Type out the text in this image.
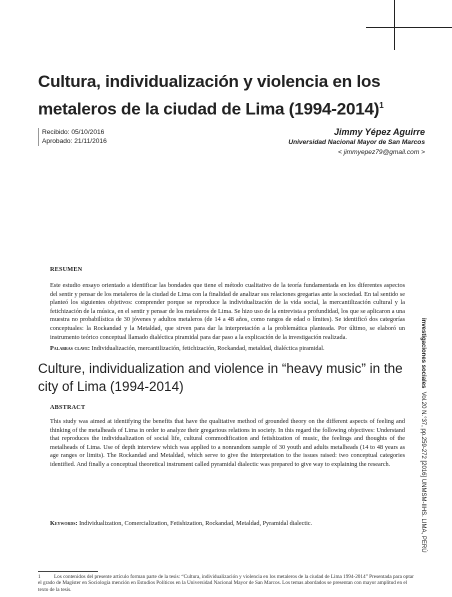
Cultura, individualización y violencia en los metaleros de la ciudad de Lima (1994-2014)$^1$
Recibido: 05/10/2016
Aprobado: 21/11/2016
Jimmy Yépez Aguirre
Universidad Nacional Mayor de San Marcos
< jimmyepez79@gmail.com >
RESUMEN
Este estudio ensayo orientado a identificar las bondades que tiene el método cualitativo de la teoría fundamentada en los diferentes aspectos del sentir y pensar de los metaleros de la ciudad de Lima con la finalidad de analizar sus relaciones gregarias ante la sociedad. En tal sentido se planteó los siguientes objetivos: comprender porque se reproduce la individualización de la vida social, la mercantilización cultural y la fetichización de la música, en el sentir y pensar de los metaleros de Lima. Se hizo uso de la entrevista a profundidad, los que se aplicaron a una muestra no probabilística de 30 jóvenes y adultos metaleros (de 14 a 48 años, como rangos de edad o límites). Se identificó dos categorías conceptuales: la Rockandad y la Metaldad, que sirven para dar la interpretación a la problemática planteada. Por último, se elaboró un instrumento teórico conceptual llamado dialéctica piramidal para dar paso a la explicación de la investigación realizada.
Palabras clave: Individualización, mercantilización, fetichización, Rockandad, metaldad, dialéctica piramidal.
Culture, individualization and violence in “heavy music” in the city of Lima (1994-2014)
ABSTRACT
This study was aimed at identifying the benefits that have the qualitative method of grounded theory on the different aspects of feeling and thinking of the metalheads of Lima in order to analyze their gregarious relations in society. In this regard the following objectives: Understand that reproduces the individualization of social life, cultural commodification and fetishization of music, the feelings and thoughts of the metalheads of Lima. Use of depth interview which was applied to a nonrandom sample of 30 youth and adults metalheads (14 to 48 years as age ranges or limits). The Rockandad and Metaldad, which serve to give the interpretation to the issues raised: two conceptual categories identified. And finally a conceptual theoretical instrument called pyramidal dialectic was prepared to give way to explaining the research.
Keywords: Individualization, Comercialization, Fetishization, Rockandad, Metaldad, Pyramidal dialectic.
1	Los contenidos del presente artículo forman parte de la tesis: “Cultura, individualización y violencia en los metaleros de la ciudad de Lima 1994-2014” Presentada para optar el grado de Magíster en Sociología mención en Estudios Políticos en la Universidad Nacional Mayor de San Marcos. Los temas abordados se presentan con mayor amplitud en el texto de la tesis.
investigaciones sociales  Vol.20 N.°37, pp.259-272 [2016] UNMSM-IIHS. LIMA, PERÚ
